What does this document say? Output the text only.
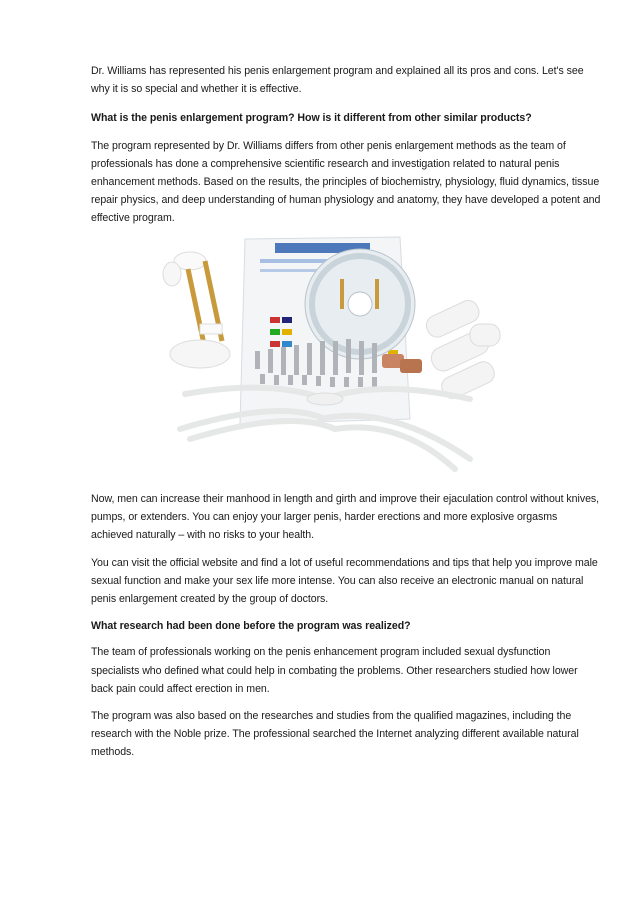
Dr. Williams has represented his penis enlargement program and explained all its pros and cons. Let's see why it is so special and whether it is effective.

What is the penis enlargement program? How is it different from other similar products?

The program represented by Dr. Williams differs from other penis enlargement methods as the team of professionals has done a comprehensive scientific research and investigation related to natural penis enhancement methods. Based on the results, the principles of biochemistry, physiology, fluid dynamics, tissue repair physics, and deep understanding of human physiology and anatomy, they have developed a potent and effective program.

Now, men can increase their manhood in length and girth and improve their ejaculation control without knives, pumps, or extenders. You can enjoy your larger penis, harder erections and more explosive orgasms achieved naturally – with no risks to your health.

You can visit the official website and find a lot of useful recommendations and tips that help you improve male sexual function and make your sex life more intense. You can also receive an electronic manual on natural penis enlargement created by the group of doctors.

What research had been done before the program was realized?

The team of professionals working on the penis enhancement program included sexual dysfunction specialists who defined what could help in combating the problems. Other researchers studied how lower back pain could affect erection in men.

The program was also based on the researches and studies from the qualified magazines, including the research with the Noble prize. The professional searched the Internet analyzing different available natural methods.
